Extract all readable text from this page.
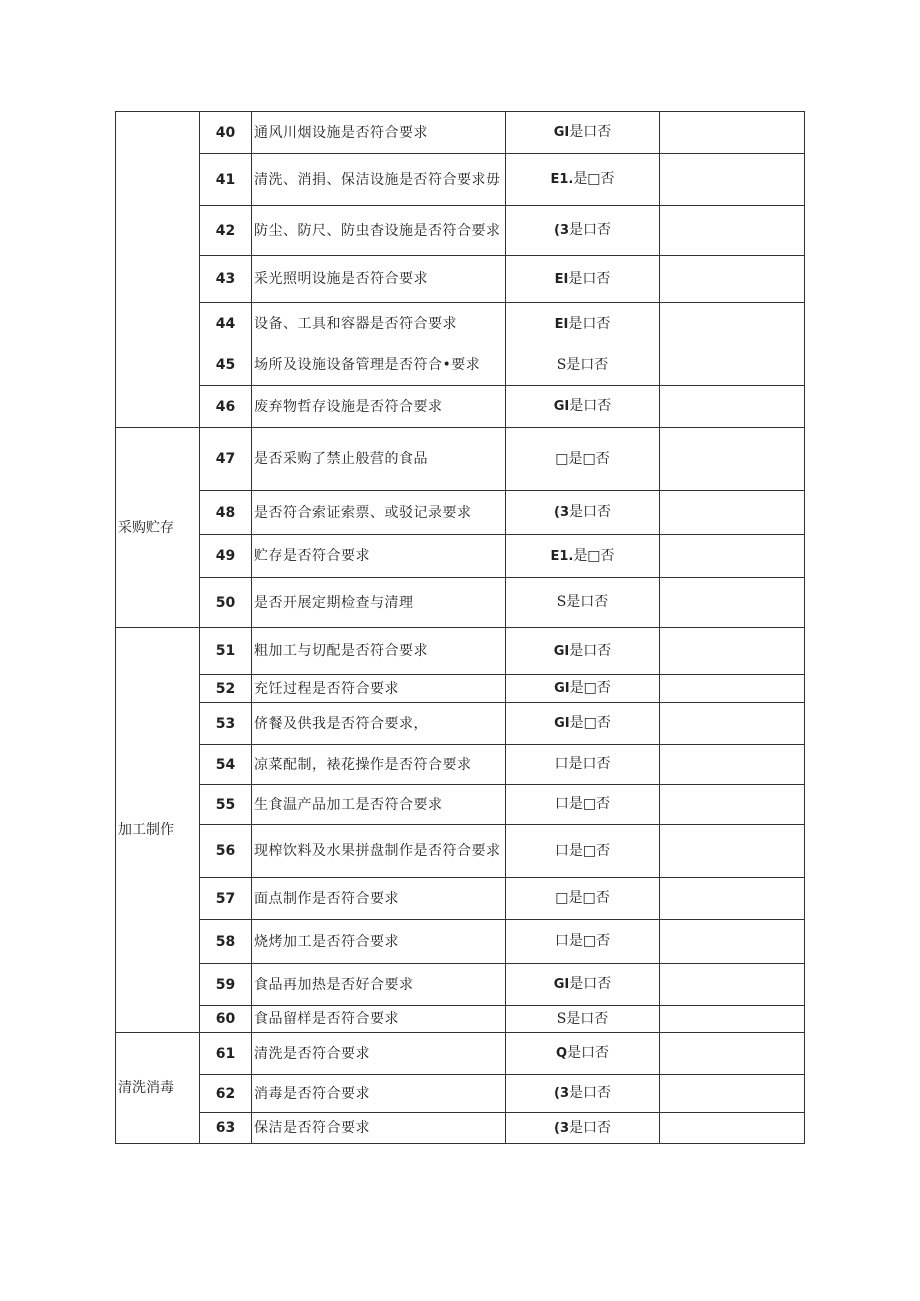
	40	通风川烟设施是否符合要求	GI是口否	
	41	清洗、消捐、保洁设施是否符合要求毋	E1.是□否	
	42	防尘、防尺、防虫杳设施是否符合要求	(3是口否	
	43	采光照明设施是否符合要求	EI是口否	
	44	设备、工具和容器是否符合要求	EI是口否	
	45	场所及设施设备管理是否符合•要求	S是口否	
	46	废弃物哲存设施是否符合要求	GI是口否	
采购贮存	47	是否采购了禁止般营的食品	□是□否	
	48	是否符合索证索票、或驳记录要求	(3是口否	
	49	贮存是否符合要求	E1.是□否	
	50	是否开展定期检查与清理	S是口否	
加工制作	51	粗加工与切配是否符合要求	GI是口否	
	52	充饪过程是否符合要求	GI是□否	
	53	侪餐及供我是否符合要求，	GI是□否	
	54	凉菜配制，裱花操作是否符合要求	口是口否	
	55	生食温产品加工是否符合要求	口是□否	
	56	现榨饮料及水果拼盘制作是否符合要求	口是□否	
	57	面点制作是否符合要求	□是□否	
	58	烧烤加工是否符合要求	口是□否	
	59	食品再加热是否好合要求	GI是口否	
	60	食品留样是否符合要求	S是口否	
清洗消毒	61	清洗是否符合要求	Q是口否	
	62	消毒是否符合要求	(3是口否	
	63	保洁是否符合要求	(3是口否	
